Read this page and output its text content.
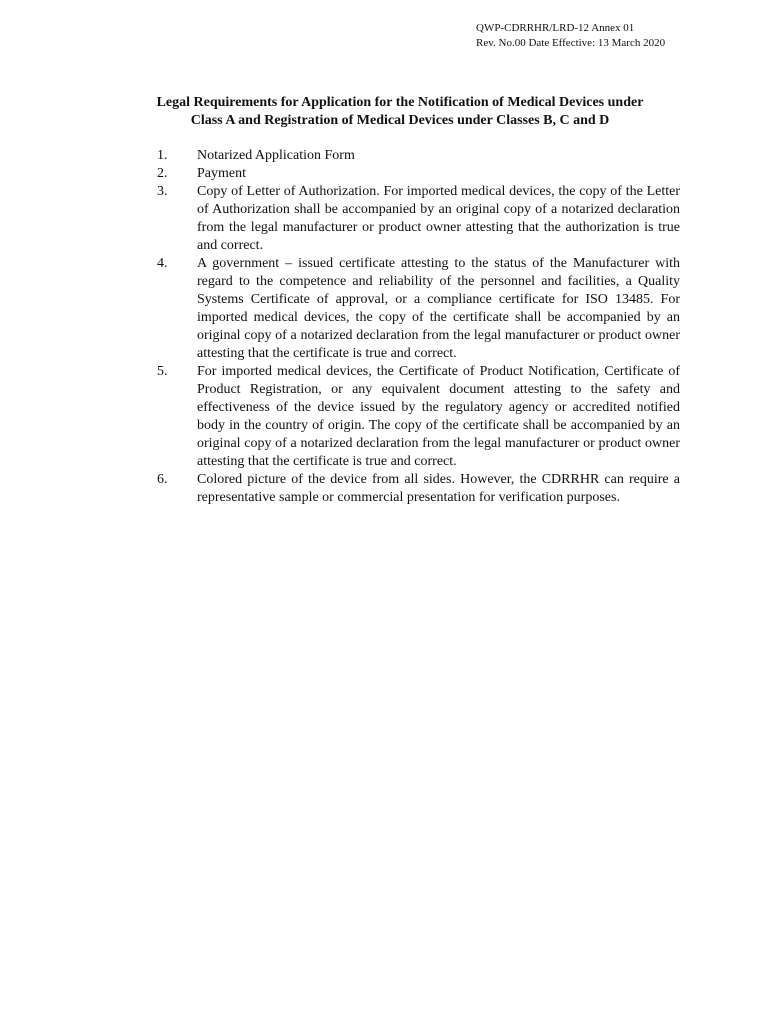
QWP-CDRRHR/LRD-12 Annex 01
Rev. No.00 Date Effective: 13 March 2020
Legal Requirements for Application for the Notification of Medical Devices under
Class A and Registration of Medical Devices under Classes B, C and D
1.	Notarized Application Form
2.	Payment
3.	Copy of Letter of Authorization. For imported medical devices, the copy of the Letter of Authorization shall be accompanied by an original copy of a notarized declaration from the legal manufacturer or product owner attesting that the authorization is true and correct.
4.	A government – issued certificate attesting to the status of the Manufacturer with regard to the competence and reliability of the personnel and facilities, a Quality Systems Certificate of approval, or a compliance certificate for ISO 13485. For imported medical devices, the copy of the certificate shall be accompanied by an original copy of a notarized declaration from the legal manufacturer or product owner attesting that the certificate is true and correct.
5.	For imported medical devices, the Certificate of Product Notification, Certificate of Product Registration, or any equivalent document attesting to the safety and effectiveness of the device issued by the regulatory agency or accredited notified body in the country of origin. The copy of the certificate shall be accompanied by an original copy of a notarized declaration from the legal manufacturer or product owner attesting that the certificate is true and correct.
6.	Colored picture of the device from all sides. However, the CDRRHR can require a representative sample or commercial presentation for verification purposes.
